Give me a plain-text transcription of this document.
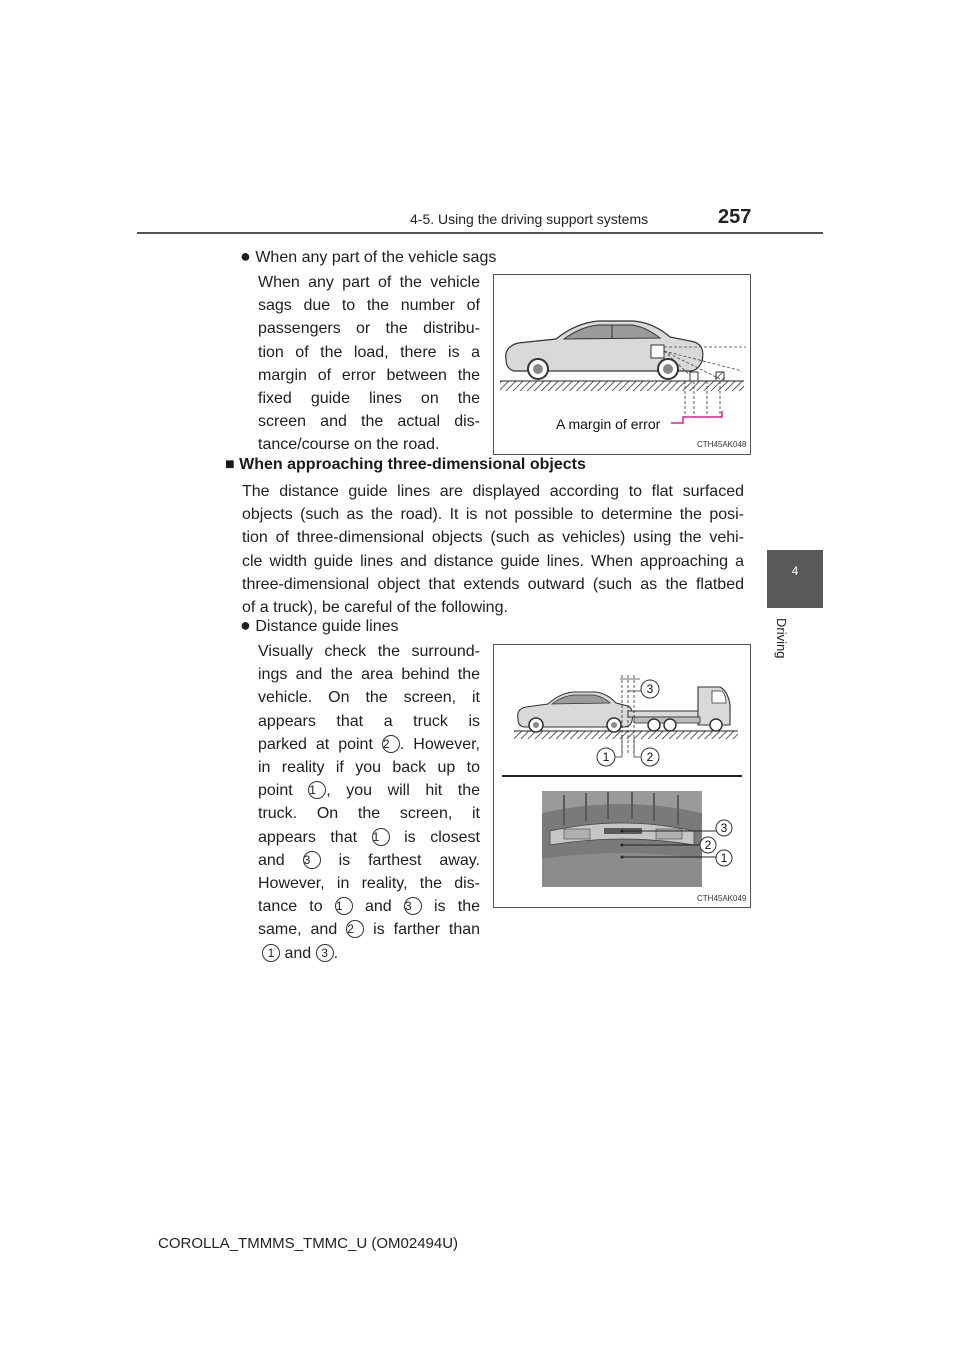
4-5. Using the driving support systems	257
4
Driving
● When any part of the vehicle sags
When any part of the vehicle
sags due to the number of
passengers or the distribu-
tion of the load, there is a
margin of error between the
fixed guide lines on the
screen and the actual dis-
tance/course on the road.
A margin of error
CTH45AK048
■ When approaching three-dimensional objects
The distance guide lines are displayed according to flat surfaced
objects (such as the road). It is not possible to determine the posi-
tion of three-dimensional objects (such as vehicles) using the vehi-
cle width guide lines and distance guide lines. When approaching a
three-dimensional object that extends outward (such as the flatbed
of a truck), be careful of the following.
● Distance guide lines
Visually check the surround-
ings and the area behind the
vehicle. On the screen, it
appears that a truck is
parked at point 2 . However,
in reality if you back up to
point 1 , you will hit the
truck. On the screen, it
appears that 1 is closest
and 3 is farthest away.
However, in reality, the dis-
tance to 1 and 3 is the
same, and 2 is farther than
1 and 3 .
3
1	2
3
2
1
CTH45AK049
COROLLA_TMMMS_TMMC_U (OM02494U)
